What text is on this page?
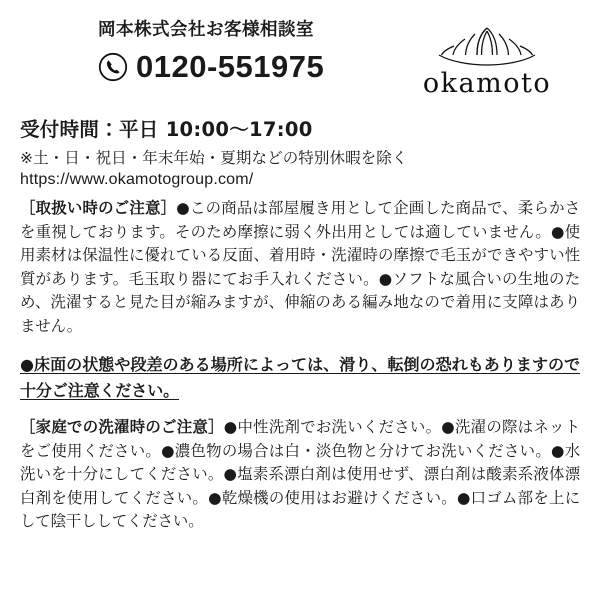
岡本株式会社お客様相談室
0120-551975	okamoto
受付時間：平日 10:00〜17:00
※土・日・祝日・年末年始・夏期などの特別休暇を除く
https://www.okamotogroup.com/
［取扱い時のご注意］●この商品は部屋履き用として企画した商品で、柔らかさを重視しております。そのため摩擦に弱く外出用としては適していません。●使用素材は保温性に優れている反面、着用時・洗濯時の摩擦で毛玉ができやすい性質があります。毛玉取り器にてお手入れください。●ソフトな風合いの生地のため、洗濯すると見た目が縮みますが、伸縮のある編み地なので着用に支障はありません。
●床面の状態や段差のある場所によっては、滑り、転倒の恐れもありますので十分ご注意ください。
［家庭での洗濯時のご注意］●中性洗剤でお洗いください。●洗濯の際はネットをご使用ください。●濃色物の場合は白・淡色物と分けてお洗いください。●水洗いを十分にしてください。●塩素系漂白剤は使用せず、漂白剤は酸素系液体漂白剤を使用してください。●乾燥機の使用はお避けください。●口ゴム部を上にして陰干ししてください。
